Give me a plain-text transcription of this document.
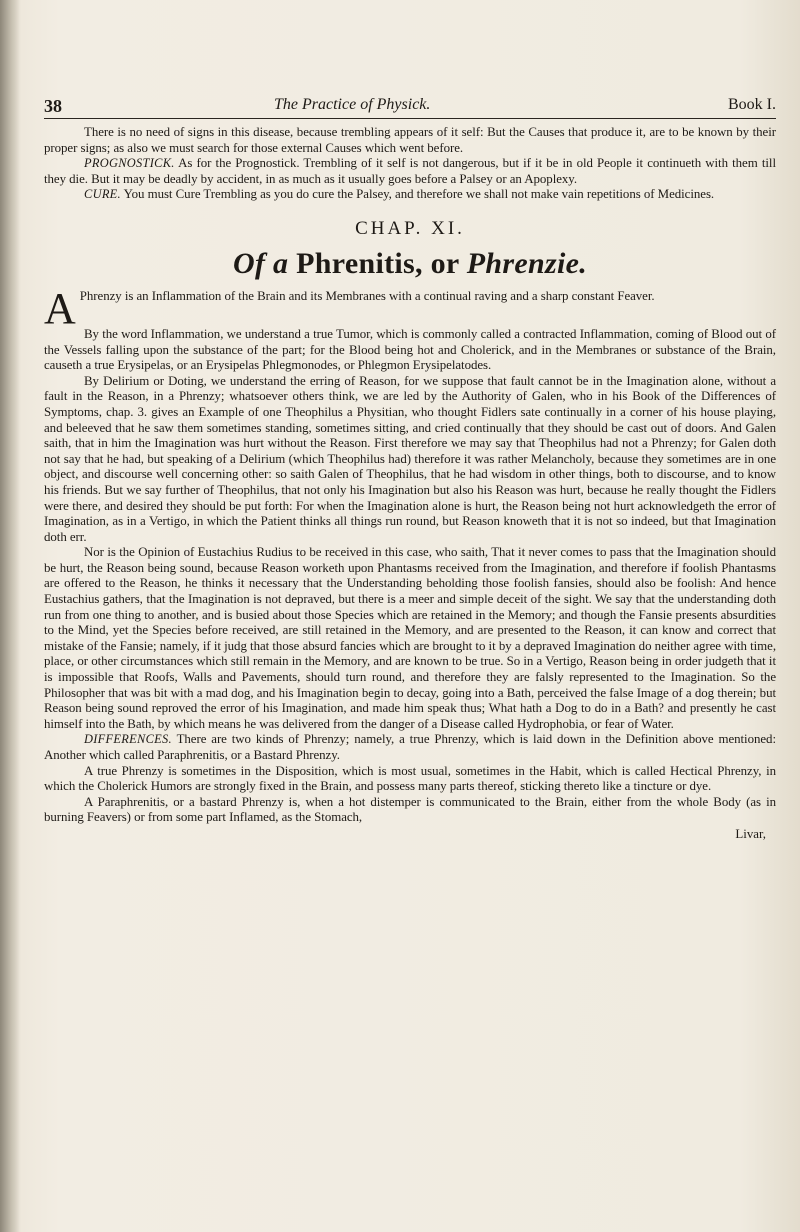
38	The Practice of Physick.	Book I.

There is no need of signs in this disease, because trembling appears of it self: But the Causes that produce it, are to be known by their proper signs; as also we must search for those external Causes which went before.

PROGNOSTICK. As for the Prognostick. Trembling of it self is not dangerous, but if it be in old People it continueth with them till they die. But it may be deadly by accident, in as much as it usually goes before a Palsey or an Apoplexy.

CURE. You must Cure Trembling as you do cure the Palsey, and therefore we shall not make vain repetitions of Medicines.

CHAP. XI.
Of a Phrenitis, or Phrenzie.
A Phrenzy is an Inflammation of the Brain and its Membranes with a continual raving and a sharp constant Feaver.

By the word Inflammation, we understand a true Tumor, which is commonly called a contracted Inflammation, coming of Blood out of the Vessels falling upon the substance of the part; for the Blood being hot and Cholerick, and in the Membranes or substance of the Brain, causeth a true Erysipelas, or an Erysipelas Phlegmonodes, or Phlegmon Erysipelatodes.

By Delirium or Doting, we understand the erring of Reason, for we suppose that fault cannot be in the Imagination alone, without a fault in the Reason, in a Phrenzy; whatsoever others think, we are led by the Authority of Galen, who in his Book of the Differences of Symptoms, chap. 3. gives an Example of one Theophilus a Physitian, who thought Fidlers sate continually in a corner of his house playing, and beleeved that he saw them sometimes standing, sometimes sitting, and cried continually that they should be cast out of doors. And Galen saith, that in him the Imagination was hurt without the Reason. First therefore we may say that Theophilus had not a Phrenzy; for Galen doth not say that he had, but speaking of a Delirium (which Theophilus had) therefore it was rather Melancholy, because they sometimes are in one object, and discourse well concerning other: so saith Galen of Theophilus, that he had wisdom in other things, both to discourse, and to know his friends. But we say further of Theophilus, that not only his Imagination but also his Reason was hurt, because he really thought the Fidlers were there, and desired they should be put forth: For when the Imagination alone is hurt, the Reason being not hurt acknowledgeth the error of Imagination, as in a Vertigo, in which the Patient thinks all things run round, but Reason knoweth that it is not so indeed, but that Imagination doth err.

Nor is the Opinion of Eustachius Rudius to be received in this case, who saith, That it never comes to pass that the Imagination should be hurt, the Reason being sound, because Reason worketh upon Phantasms received from the Imagination, and therefore if foolish Phantasms are offered to the Reason, he thinks it necessary that the Understanding beholding those foolish fansies, should also be foolish: And hence Eustachius gathers, that the Imagination is not depraved, but there is a meer and simple deceit of the sight. We say that the understanding doth run from one thing to another, and is busied about those Species which are retained in the Memory; and though the Fansie presents absurdities to the Mind, yet the Species before received, are still retained in the Memory, and are presented to the Reason, it can know and correct that mistake of the Fansie; namely, if it judg that those absurd fancies which are brought to it by a depraved Imagination do neither agree with time, place, or other circumstances which still remain in the Memory, and are known to be true. So in a Vertigo, Reason being in order judgeth that it is impossible that Roofs, Walls and Pavements, should turn round, and therefore they are falsly represented to the Imagination. So the Philosopher that was bit with a mad dog, and his Imagination begin to decay, going into a Bath, perceived the false Image of a dog therein; but Reason being sound reproved the error of his Imagination, and made him speak thus; What hath a Dog to do in a Bath? and presently he cast himself into the Bath, by which means he was delivered from the danger of a Disease called Hydrophobia, or fear of Water.

DIFFERENCES. There are two kinds of Phrenzy; namely, a true Phrenzy, which is laid down in the Definition above mentioned: Another which called Paraphrenitis, or a Bastard Phrenzy.

A true Phrenzy is sometimes in the Disposition, which is most usual, sometimes in the Habit, which is called Hectical Phrenzy, in which the Cholerick Humors are strongly fixed in the Brain, and possess many parts thereof, sticking thereto like a tincture or dye.

A Paraphrenitis, or a bastard Phrenzy is, when a hot distemper is communicated to the Brain, either from the whole Body (as in burning Feavers) or from some part Inflamed, as the Stomach,

Livar,
